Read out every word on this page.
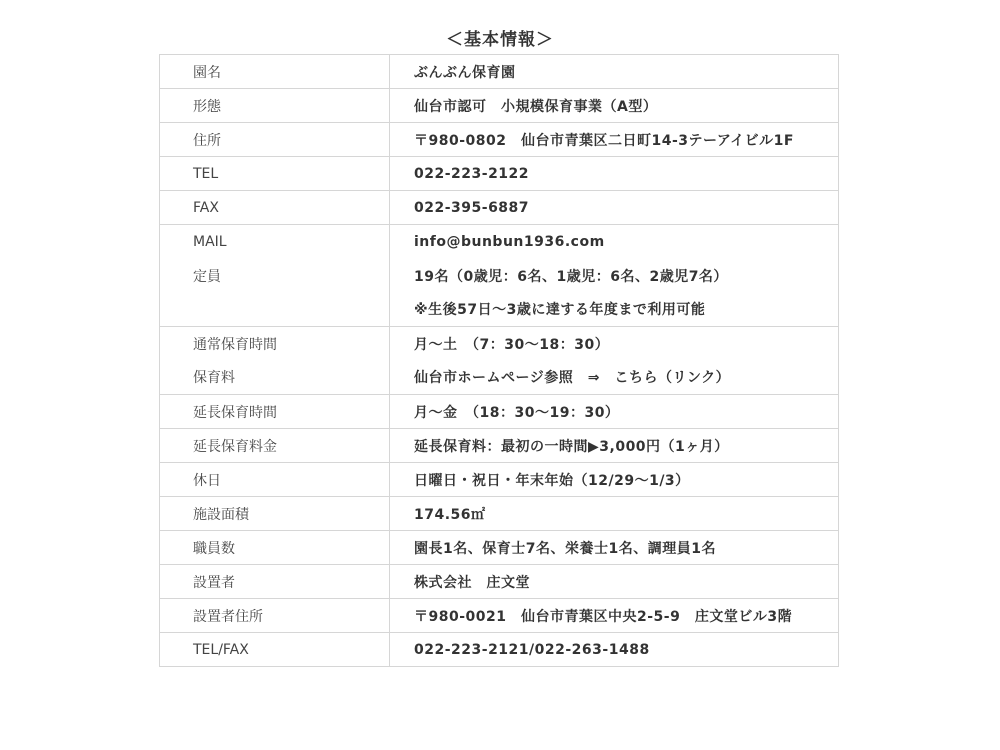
＜基本情報＞
園名	ぶんぶん保育園
形態	仙台市認可　小規模保育事業（A型）
住所	〒980-0802　仙台市青葉区二日町14-3テーアイビル1F
TEL	022-223-2122
FAX	022-395-6887
MAIL	info@bunbun1936.com
定員	19名（0歳児：6名、1歳児：6名、2歳児7名）
	※生後57日〜3歳に達する年度まで利用可能
通常保育時間	月〜土　（7：30〜18：30）
保育料	仙台市ホームページ参照　⇒　こちら（リンク）
延長保育時間	月〜金　（18：30〜19：30）
延長保育料金	延長保育料：最初の一時間▶3,000円（1ヶ月）
休日	日曜日・祝日・年末年始（12/29〜1/3）
施設面積	174.56㎡
職員数	園長1名、保育士7名、栄養士1名、調理員1名
設置者	株式会社　庄文堂
設置者住所	〒980-0021　仙台市青葉区中央2-5-9　庄文堂ビル3階
TEL/FAX	022-223-2121/022-263-1488
